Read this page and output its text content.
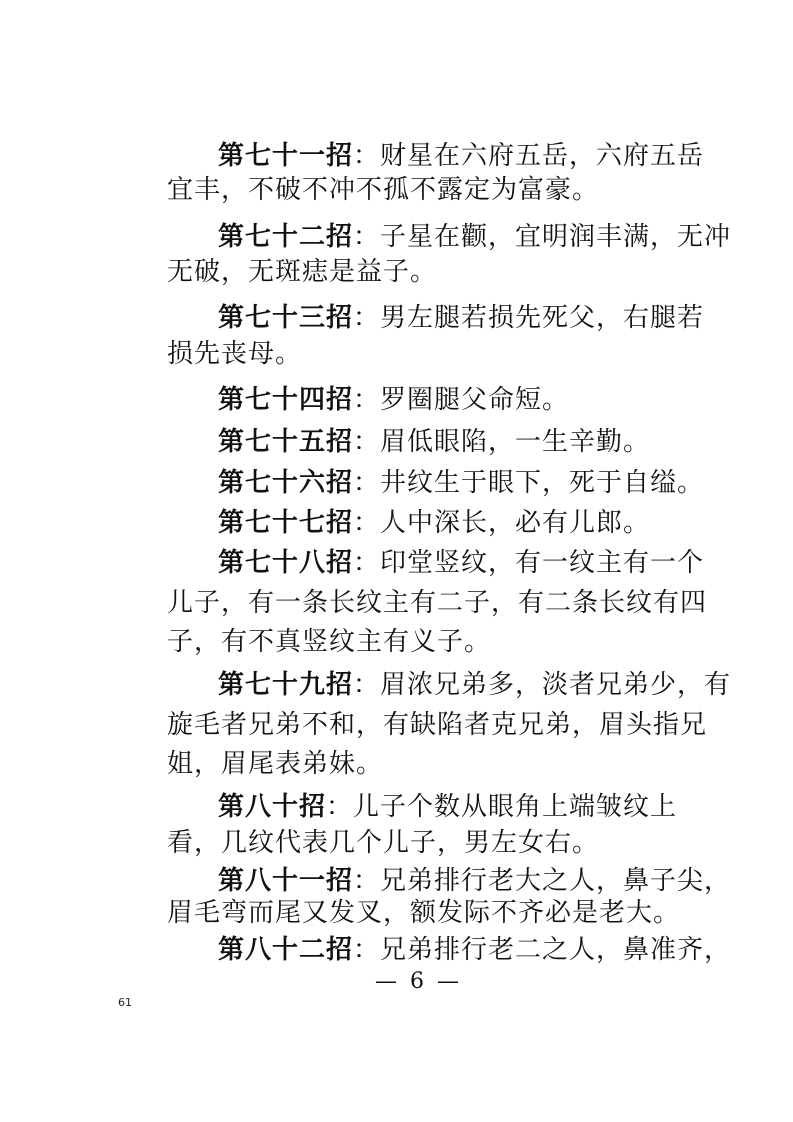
第七十一招：财星在六府五岳，六府五岳
宜丰，不破不冲不孤不露定为富豪。
第七十二招：子星在颧，宜明润丰满，无冲
无破，无斑痣是益子。
第七十三招：男左腿若损先死父，右腿若
损先丧母。
第七十四招：罗圈腿父命短。
第七十五招：眉低眼陷，一生辛勤。
第七十六招：井纹生于眼下，死于自缢。
第七十七招：人中深长，必有儿郎。
第七十八招：印堂竖纹，有一纹主有一个
儿子，有一条长纹主有二子，有二条长纹有四
子，有不真竖纹主有义子。
第七十九招：眉浓兄弟多，淡者兄弟少，有
旋毛者兄弟不和，有缺陷者克兄弟，眉头指兄
姐，眉尾表弟妹。
第八十招：儿子个数从眼角上端皱纹上
看，几纹代表几个儿子，男左女右。
第八十一招：兄弟排行老大之人，鼻子尖，
眉毛弯而尾又发叉，额发际不齐必是老大。
第八十二招：兄弟排行老二之人，鼻准齐，
— 6 —
61
